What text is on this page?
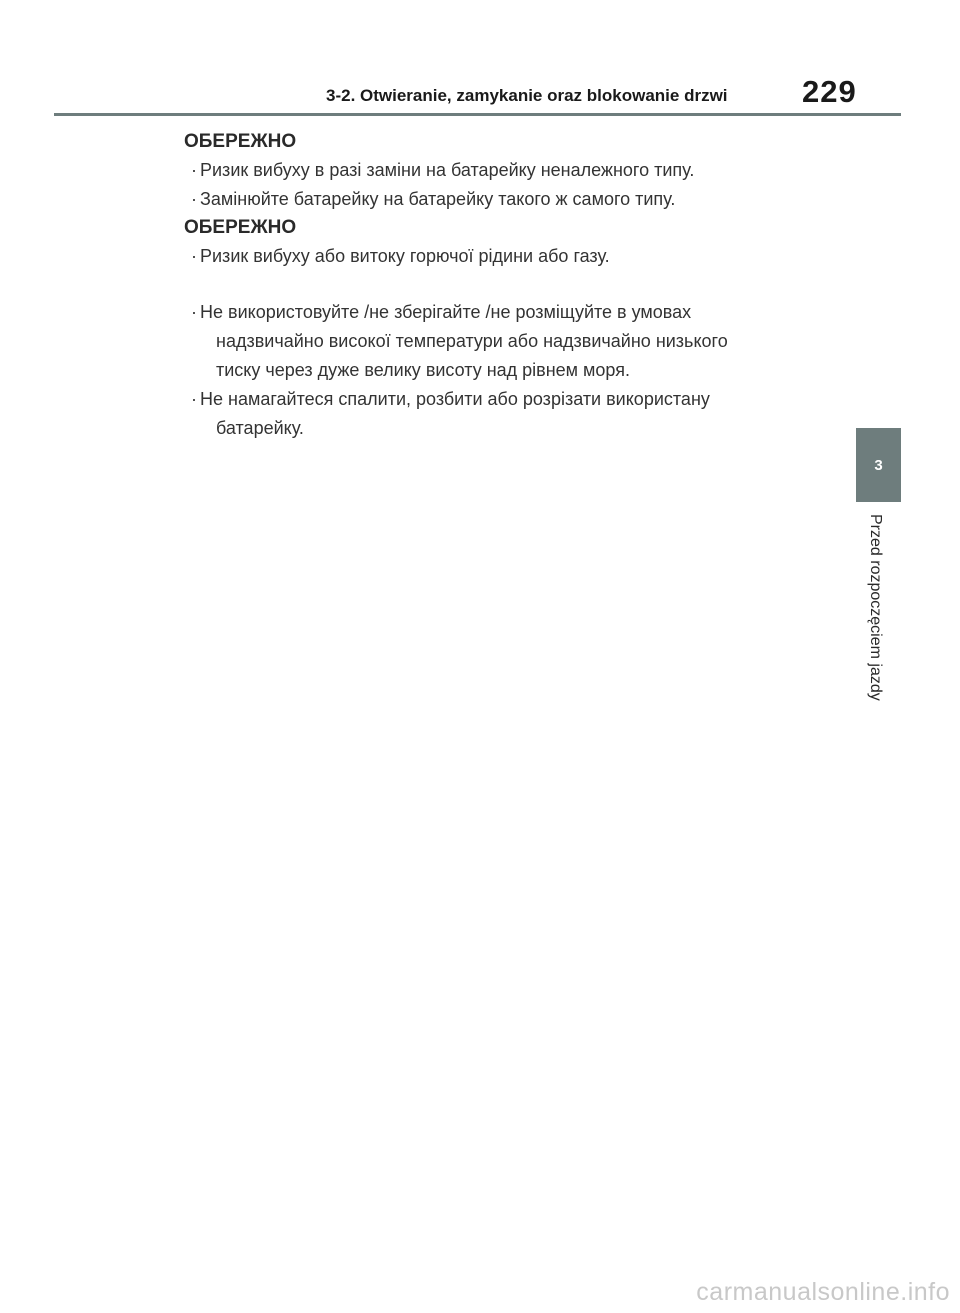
3-2. Otwieranie, zamykanie oraz blokowanie drzwi 229
ОБЕРЕЖНО
· Ризик вибуху в разі заміни на батарейку неналежного типу.
· Замінюйте батарейку на батарейку такого ж самого типу.
ОБЕРЕЖНО
· Ризик вибуху або витоку горючої рідини або газу.
· Не використовуйте /не зберігайте /не розміщуйте в умовах
надзвичайно високої температури або надзвичайно низького
тиску через дуже велику висоту над рівнем моря.
· Не намагайтеся спалити, розбити або розрізати використану
батарейку.
3
Przed rozpoczęciem jazdy
carmanualsonline.info
